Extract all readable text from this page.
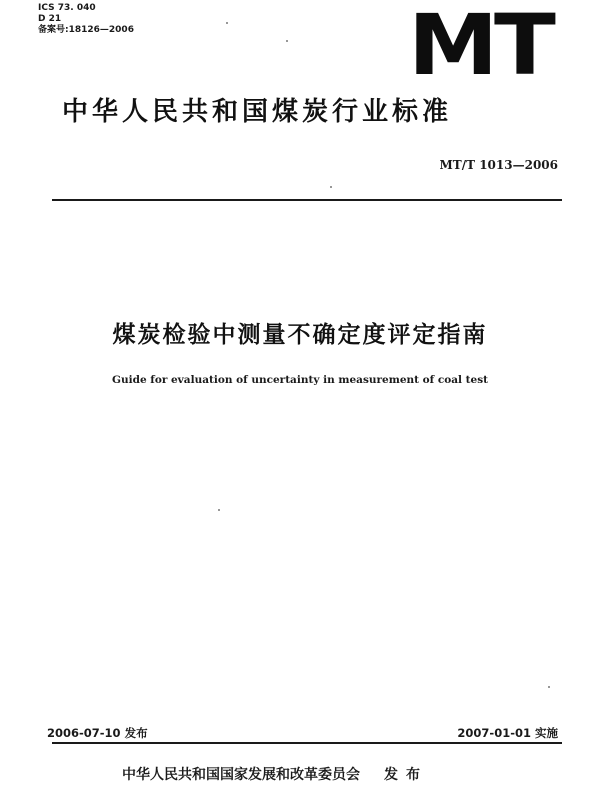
ICS 73. 040
D 21
备案号:18126—2006	MT
中华人民共和国煤炭行业标准
MT/T 1013—2006
煤炭检验中测量不确定度评定指南
Guide for evaluation of uncertainty in measurement of coal test
2006-07-10 发布	2007-01-01 实施
中华人民共和国国家发展和改革委员会 发布
